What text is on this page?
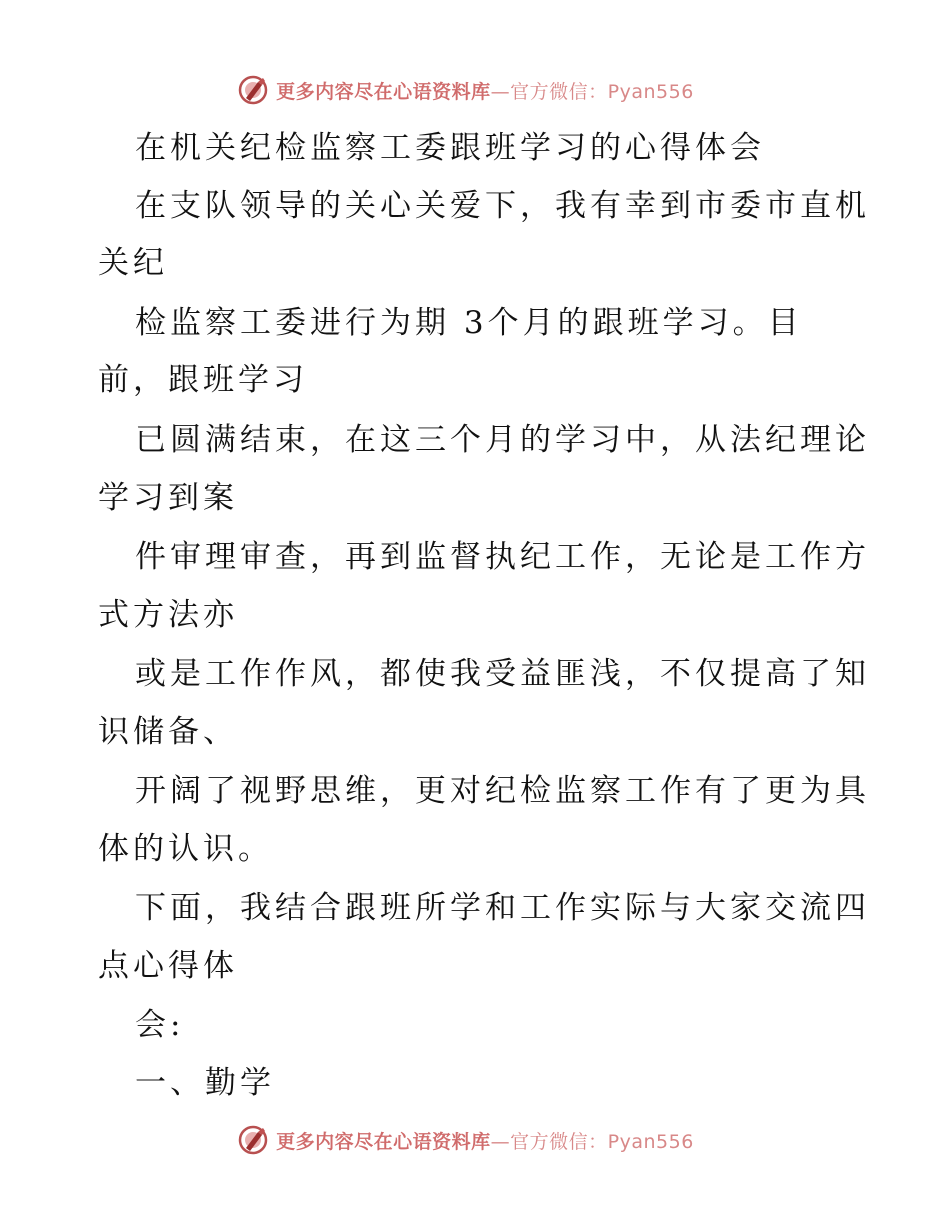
更多内容尽在心语资料库—官方微信：Pyan556
在机关纪检监察工委跟班学习的心得体会
在支队领导的关心关爱下，我有幸到市委市直机
关纪
检监察工委进行为期 3个月的跟班学习。目
前，跟班学习
已圆满结束，在这三个月的学习中，从法纪理论
学习到案
件审理审查，再到监督执纪工作，无论是工作方
式方法亦
或是工作作风，都使我受益匪浅，不仅提高了知
识储备、
开阔了视野思维，更对纪检监察工作有了更为具
体的认识。
下面，我结合跟班所学和工作实际与大家交流四
点心得体
会:
一、勤学
更多内容尽在心语资料库—官方微信：Pyan556
